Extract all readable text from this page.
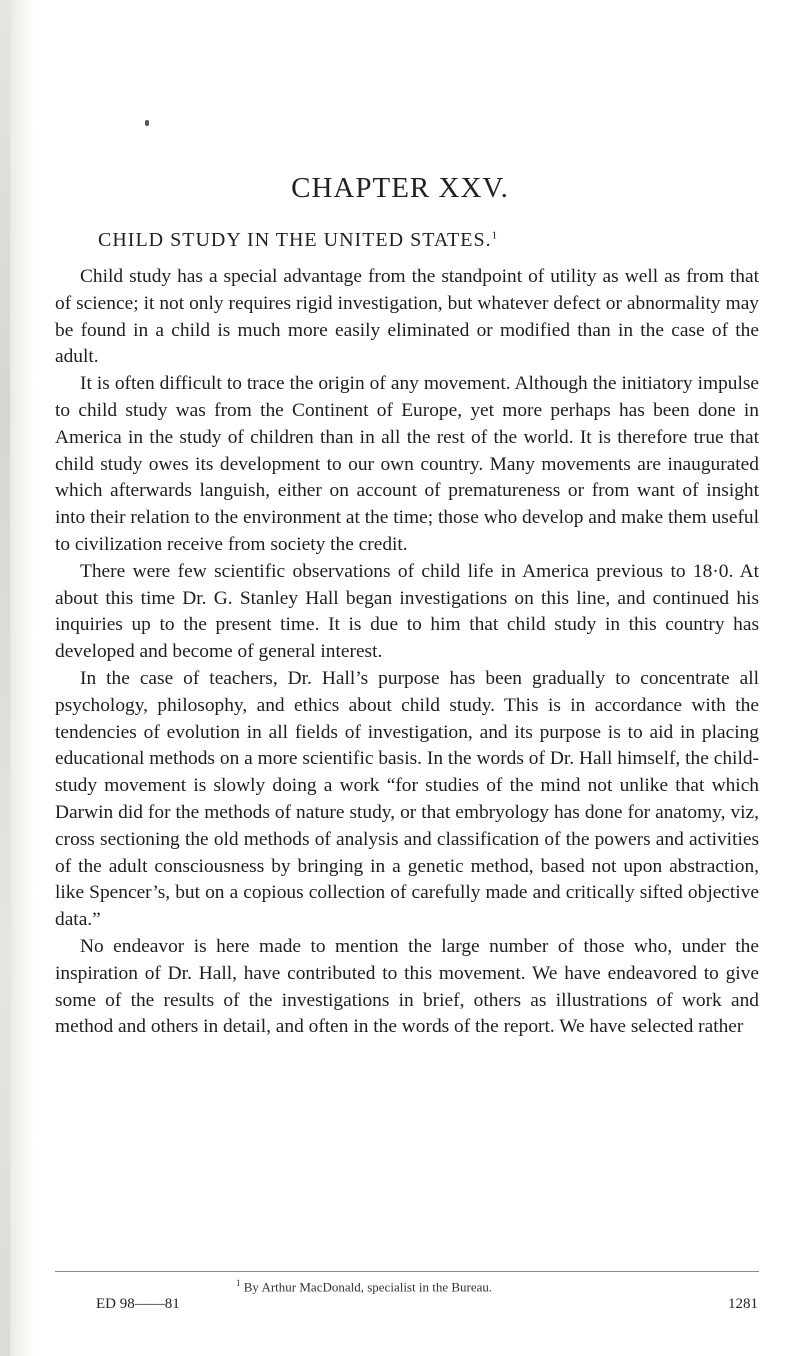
CHAPTER XXV.
CHILD STUDY IN THE UNITED STATES.$^1$

Child study has a special advantage from the standpoint of utility as well as from that of science; it not only requires rigid investigation, but whatever defect or abnormality may be found in a child is much more easily eliminated or modified than in the case of the adult.

It is often difficult to trace the origin of any movement. Although the initiatory impulse to child study was from the Continent of Europe, yet more perhaps has been done in America in the study of children than in all the rest of the world. It is therefore true that child study owes its development to our own country. Many movements are inaugurated which afterwards languish, either on account of prematureness or from want of insight into their relation to the environment at the time; those who develop and make them useful to civilization receive from society the credit.

There were few scientific observations of child life in America previous to 18·0. At about this time Dr. G. Stanley Hall began investigations on this line, and continued his inquiries up to the present time. It is due to him that child study in this country has developed and become of general interest.

In the case of teachers, Dr. Hall’s purpose has been gradually to concentrate all psychology, philosophy, and ethics about child study. This is in accordance with the tendencies of evolution in all fields of investigation, and its purpose is to aid in placing educational methods on a more scientific basis. In the words of Dr. Hall himself, the child-study movement is slowly doing a work “for studies of the mind not unlike that which Darwin did for the methods of nature study, or that embryology has done for anatomy, viz, cross sectioning the old methods of analysis and classification of the powers and activities of the adult consciousness by bringing in a genetic method, based not upon abstraction, like Spencer’s, but on a copious collection of carefully made and critically sifted objective data.”

No endeavor is here made to mention the large number of those who, under the inspiration of Dr. Hall, have contributed to this movement. We have endeavored to give some of the results of the investigations in brief, others as illustrations of work and method and others in detail, and often in the words of the report. We have selected rather

$^1$ By Arthur MacDonald, specialist in the Bureau.
ED 98——81	1281
